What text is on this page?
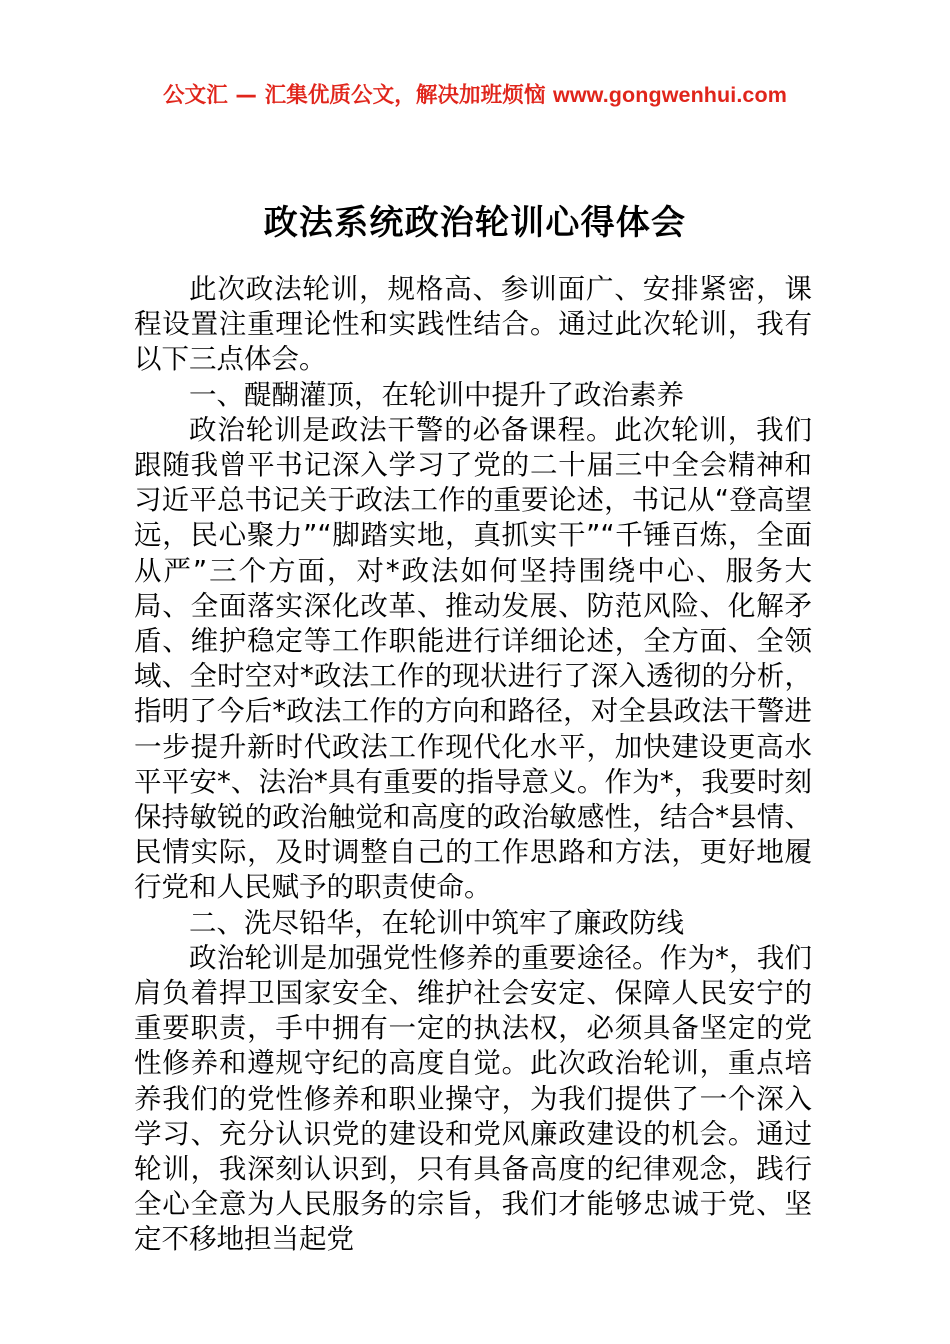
公文汇 — 汇集优质公文，解决加班烦恼 www.gongwenhui.com
政法系统政治轮训心得体会

此次政法轮训，规格高、参训面广、安排紧密，课程设置注重理论性和实践性结合。通过此次轮训，我有以下三点体会。

一、醍醐灌顶，在轮训中提升了政治素养

政治轮训是政法干警的必备课程。此次轮训，我们跟随我曾平书记深入学习了党的二十届三中全会精神和习近平总书记关于政法工作的重要论述，书记从“登高望远，民心聚力”“脚踏实地，真抓实干”“千锤百炼，全面从严”三个方面，对*政法如何坚持围绕中心、服务大局、全面落实深化改革、推动发展、防范风险、化解矛盾、维护稳定等工作职能进行详细论述，全方面、全领域、全时空对*政法工作的现状进行了深入透彻的分析，指明了今后*政法工作的方向和路径，对全县政法干警进一步提升新时代政法工作现代化水平，加快建设更高水平平安*、法治*具有重要的指导意义。作为*，我要时刻保持敏锐的政治触觉和高度的政治敏感性，结合*县情、民情实际，及时调整自己的工作思路和方法，更好地履行党和人民赋予的职责使命。

二、洗尽铅华，在轮训中筑牢了廉政防线

政治轮训是加强党性修养的重要途径。作为*，我们肩负着捍卫国家安全、维护社会安定、保障人民安宁的重要职责，手中拥有一定的执法权，必须具备坚定的党性修养和遵规守纪的高度自觉。此次政治轮训，重点培养我们的党性修养和职业操守，为我们提供了一个深入学习、充分认识党的建设和党风廉政建设的机会。通过轮训，我深刻认识到，只有具备高度的纪律观念，践行全心全意为人民服务的宗旨，我们才能够忠诚于党、坚定不移地担当起党
